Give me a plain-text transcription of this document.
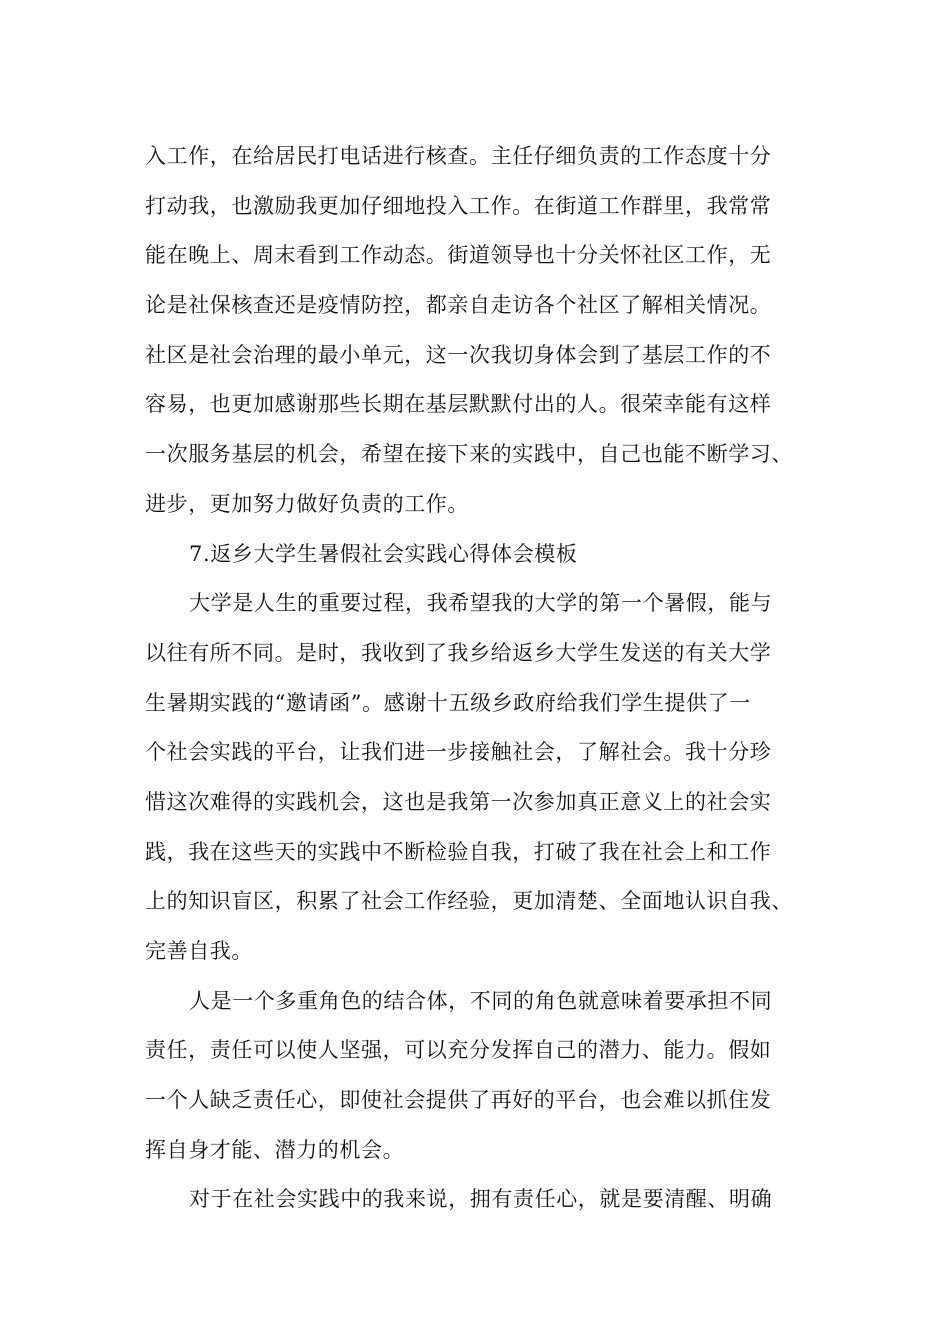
入工作，在给居民打电话进行核查。主任仔细负责的工作态度十分
打动我，也激励我更加仔细地投入工作。在街道工作群里，我常常
能在晚上、周末看到工作动态。街道领导也十分关怀社区工作，无
论是社保核查还是疫情防控，都亲自走访各个社区了解相关情况。
社区是社会治理的最小单元，这一次我切身体会到了基层工作的不
容易，也更加感谢那些长期在基层默默付出的人。很荣幸能有这样
一次服务基层的机会，希望在接下来的实践中，自己也能不断学习、
进步，更加努力做好负责的工作。
7.返乡大学生暑假社会实践心得体会模板
大学是人生的重要过程，我希望我的大学的第一个暑假，能与
以往有所不同。是时，我收到了我乡给返乡大学生发送的有关大学
生暑期实践的“邀请函”。感谢十五级乡政府给我们学生提供了一
个社会实践的平台，让我们进一步接触社会，了解社会。我十分珍
惜这次难得的实践机会，这也是我第一次参加真正意义上的社会实
践，我在这些天的实践中不断检验自我，打破了我在社会上和工作
上的知识盲区，积累了社会工作经验，更加清楚、全面地认识自我、
完善自我。
人是一个多重角色的结合体，不同的角色就意味着要承担不同
责任，责任可以使人坚强，可以充分发挥自己的潜力、能力。假如
一个人缺乏责任心，即使社会提供了再好的平台，也会难以抓住发
挥自身才能、潜力的机会。
对于在社会实践中的我来说，拥有责任心，就是要清醒、明确
